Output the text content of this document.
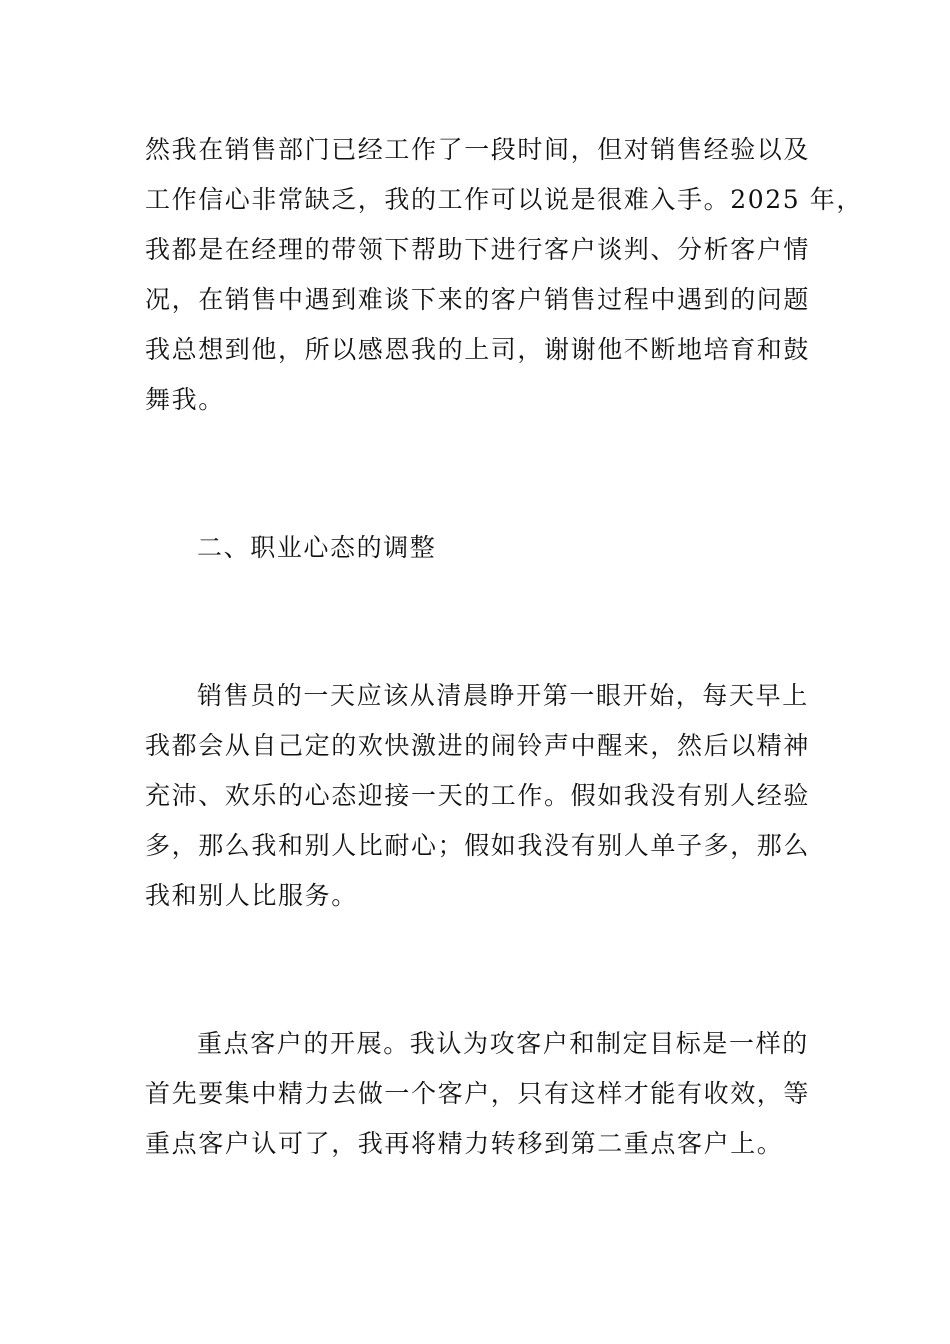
然我在销售部门已经工作了一段时间，但对销售经验以及
工作信心非常缺乏，我的工作可以说是很难入手。2025 年，
我都是在经理的带领下帮助下进行客户谈判、分析客户情
况，在销售中遇到难谈下来的客户销售过程中遇到的问题
我总想到他，所以感恩我的上司，谢谢他不断地培育和鼓
舞我。
二、职业心态的调整
销售员的一天应该从清晨睁开第一眼开始，每天早上
我都会从自己定的欢快激进的闹铃声中醒来，然后以精神
充沛、欢乐的心态迎接一天的工作。假如我没有别人经验
多，那么我和别人比耐心；假如我没有别人单子多，那么
我和别人比服务。
重点客户的开展。我认为攻客户和制定目标是一样的
首先要集中精力去做一个客户，只有这样才能有收效，等
重点客户认可了，我再将精力转移到第二重点客户上。
